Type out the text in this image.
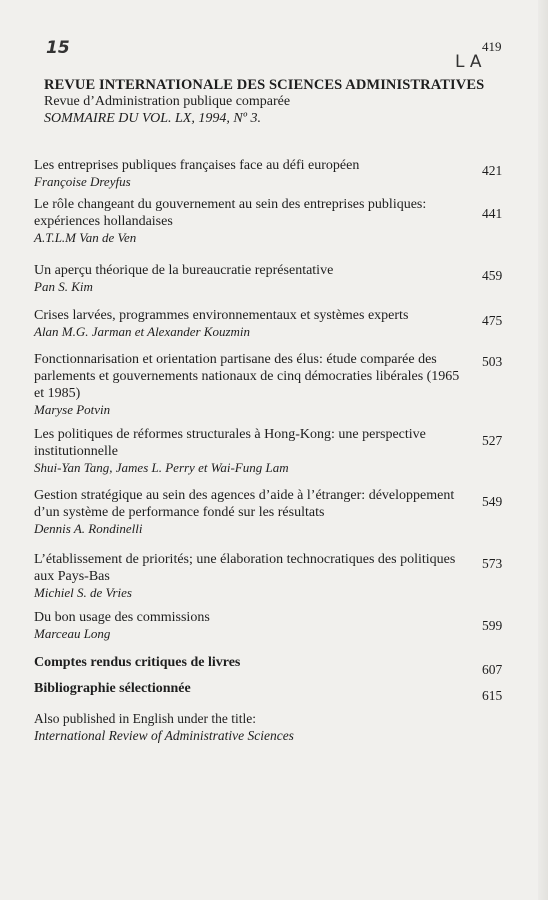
15
L A
419
REVUE INTERNATIONALE DES SCIENCES ADMINISTRATIVES
Revue d’Administration publique comparée
SOMMAIRE DU VOL. LX, 1994, Nº 3.
Les entreprises publiques françaises face au défi européen
Françoise Dreyfus
421
Le rôle changeant du gouvernement au sein des entreprises publiques: expériences hollandaises
A.T.L.M Van de Ven
441
Un aperçu théorique de la bureaucratie représentative
Pan S. Kim
459
Crises larvées, programmes environnementaux et systèmes experts
Alan M.G. Jarman et Alexander Kouzmin
475
Fonctionnarisation et orientation partisane des élus: étude comparée des parlements et gouvernements nationaux de cinq démocraties libérales (1965 et 1985)
Maryse Potvin
503
Les politiques de réformes structurales à Hong-Kong: une perspective institutionnelle
Shui-Yan Tang, James L. Perry et Wai-Fung Lam
527
Gestion stratégique au sein des agences d’aide à l’étranger: développement d’un système de performance fondé sur les résultats
Dennis A. Rondinelli
549
L’établissement de priorités; une élaboration technocratiques des politiques aux Pays-Bas
Michiel S. de Vries
573
Du bon usage des commissions
Marceau Long
599
Comptes rendus critiques de livres	607
Bibliographie sélectionnée	615
Also published in English under the title:
International Review of Administrative Sciences
